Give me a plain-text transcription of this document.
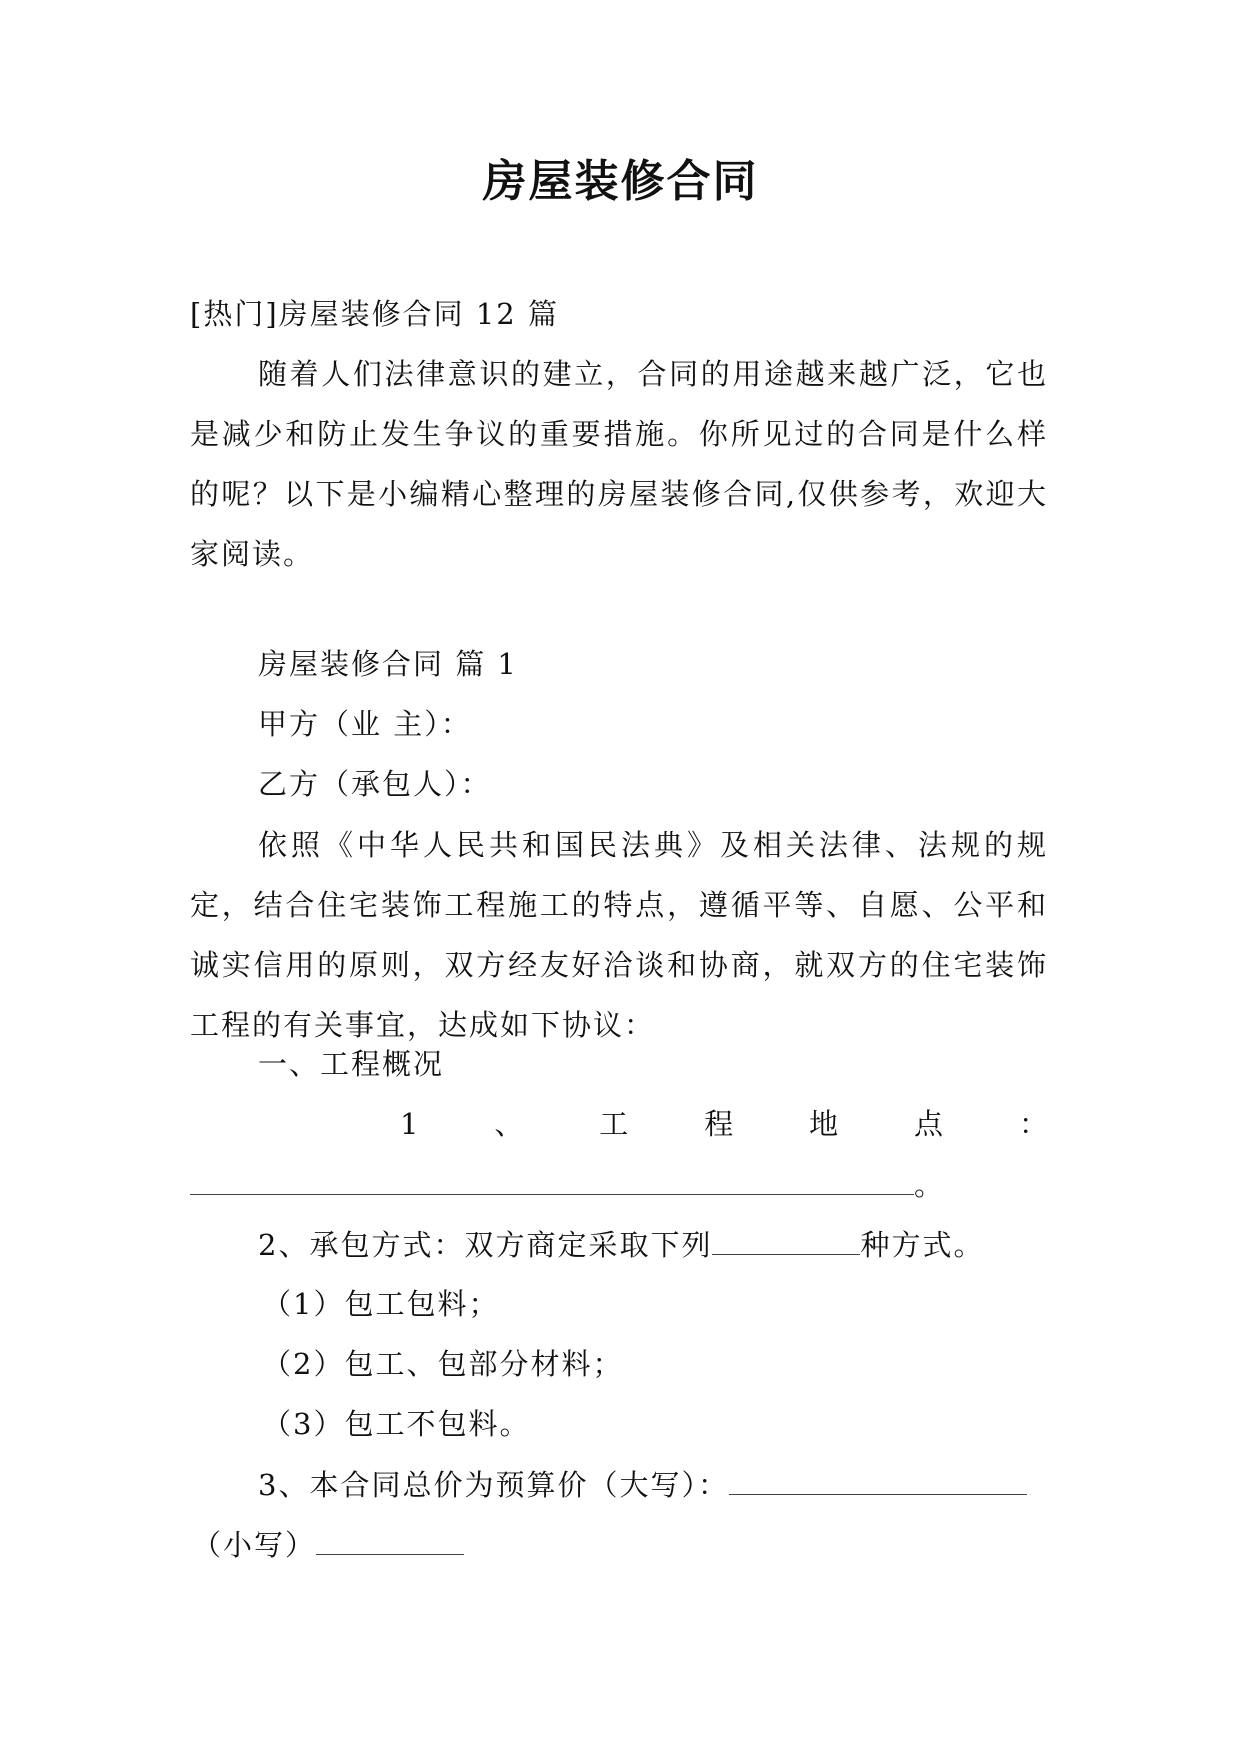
房屋装修合同
[热门]房屋装修合同 12 篇
随着人们法律意识的建立，合同的用途越来越广泛，它也是减少和防止发生争议的重要措施。你所见过的合同是什么样的呢？以下是小编精心整理的房屋装修合同,仅供参考，欢迎大家阅读。
房屋装修合同 篇 1
甲方（业 主）：
乙方（承包人）：
依照《中华人民共和国民法典》及相关法律、法规的规定，结合住宅装饰工程施工的特点，遵循平等、自愿、公平和诚实信用的原则，双方经友好洽谈和协商，就双方的住宅装饰工程的有关事宜，达成如下协议：
一、工程概况
1	、	工	程	地	点	：
。
2、承包方式：双方商定采取下列	种方式。
（1）包工包料；
（2）包工、包部分材料；
（3）包工不包料。
3、本合同总价为预算价（大写）：
（小写）
